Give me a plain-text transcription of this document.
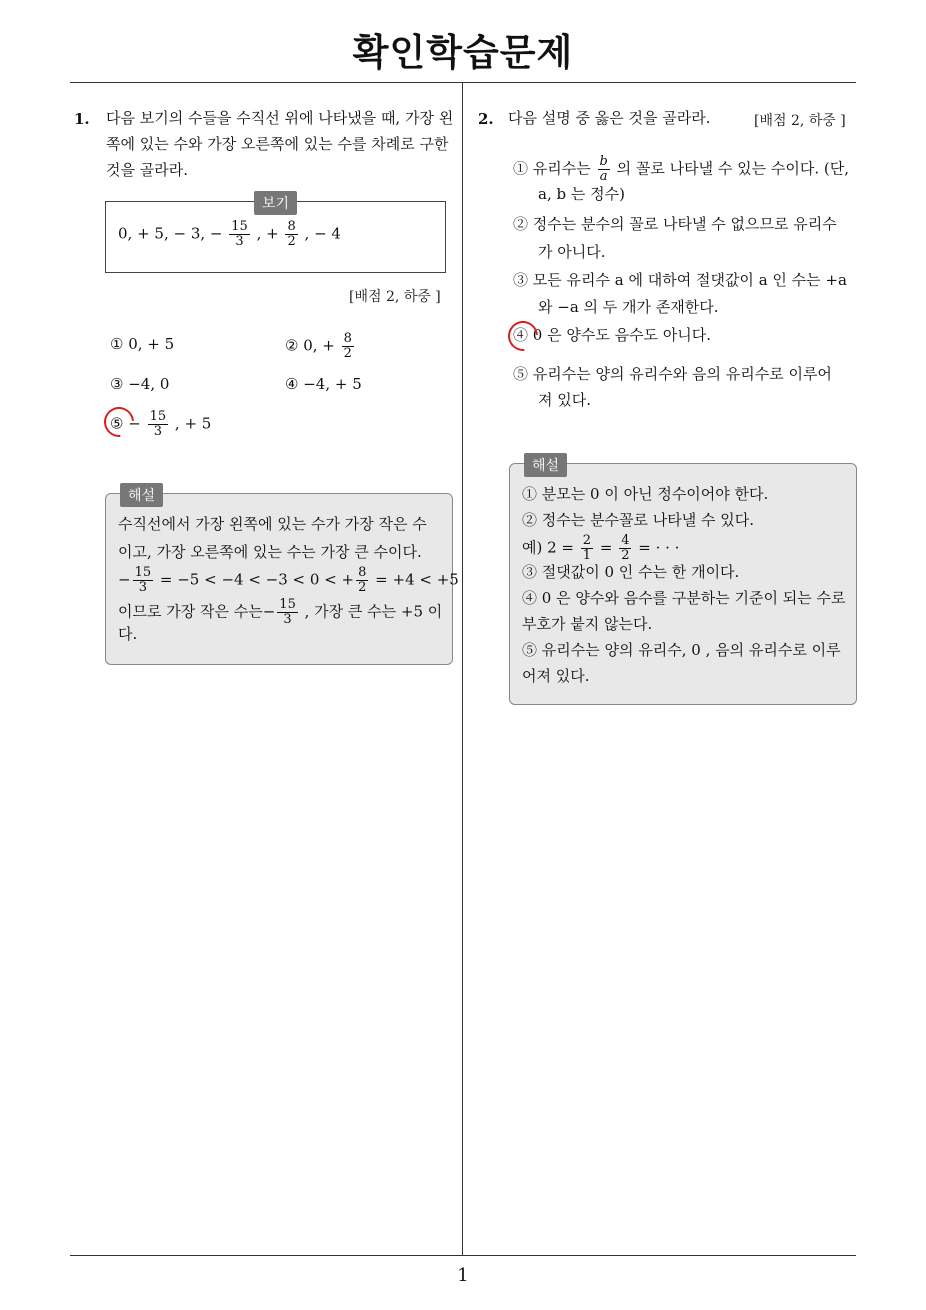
확인학습문제
1
1. 다음 보기의 수들을 수직선 위에 나타냈을 때, 가장 왼
쪽에 있는 수와 가장 오른쪽에 있는 수를 차례로 구한
것을 골라라.
0, + 5, − 3, − $\frac{15}{3}$ , + $\frac{8}{2}$ , − 4
보기
[배점 2, 하중 ]
① 0, + 5	② 0, + $\frac{8}{2}$
③ −4, 0	④ −4, + 5
⑤ − $\frac{15}{3}$ , + 5
수직선에서 가장 왼쪽에 있는 수가 가장 작은 수
이고, 가장 오른쪽에 있는 수는 가장 큰 수이다.
− $\frac{15}{3} = -5 < -4 < -3 < 0$ < + $\frac{8}{2} = +4 < +5$
이므로 가장 작은 수는− $\frac{15}{3}$ , 가장 큰 수는 +5 이
다.
해설
2. 다음 설명 중 옳은 것을 골라라.	[배점 2, 하중 ]
① 유리수는 $\frac{b}{a}$ 의 꼴로 나타낼 수 있는 수이다. (단,
a, b 는 정수)
② 정수는 분수의 꼴로 나타낼 수 없으므로 유리수
가 아니다.
③ 모든 유리수 a 에 대하여 절댓값이 a 인 수는 +a
와 −a 의 두 개가 존재한다.
④ 0 은 양수도 음수도 아니다.
⑤ 유리수는 양의 유리수와 음의 유리수로 이루어
져 있다.
① 분모는 0 이 아닌 정수이어야 한다.
② 정수는 분수꼴로 나타낼 수 있다.
예) $2 = \frac{2}{1} = \frac{4}{2}$ = · · ·
③ 절댓값이 0 인 수는 한 개이다.
④ 0 은 양수와 음수를 구분하는 기준이 되는 수로
부호가 붙지 않는다.
⑤ 유리수는 양의 유리수, 0 , 음의 유리수로 이루
어져 있다.
해설
